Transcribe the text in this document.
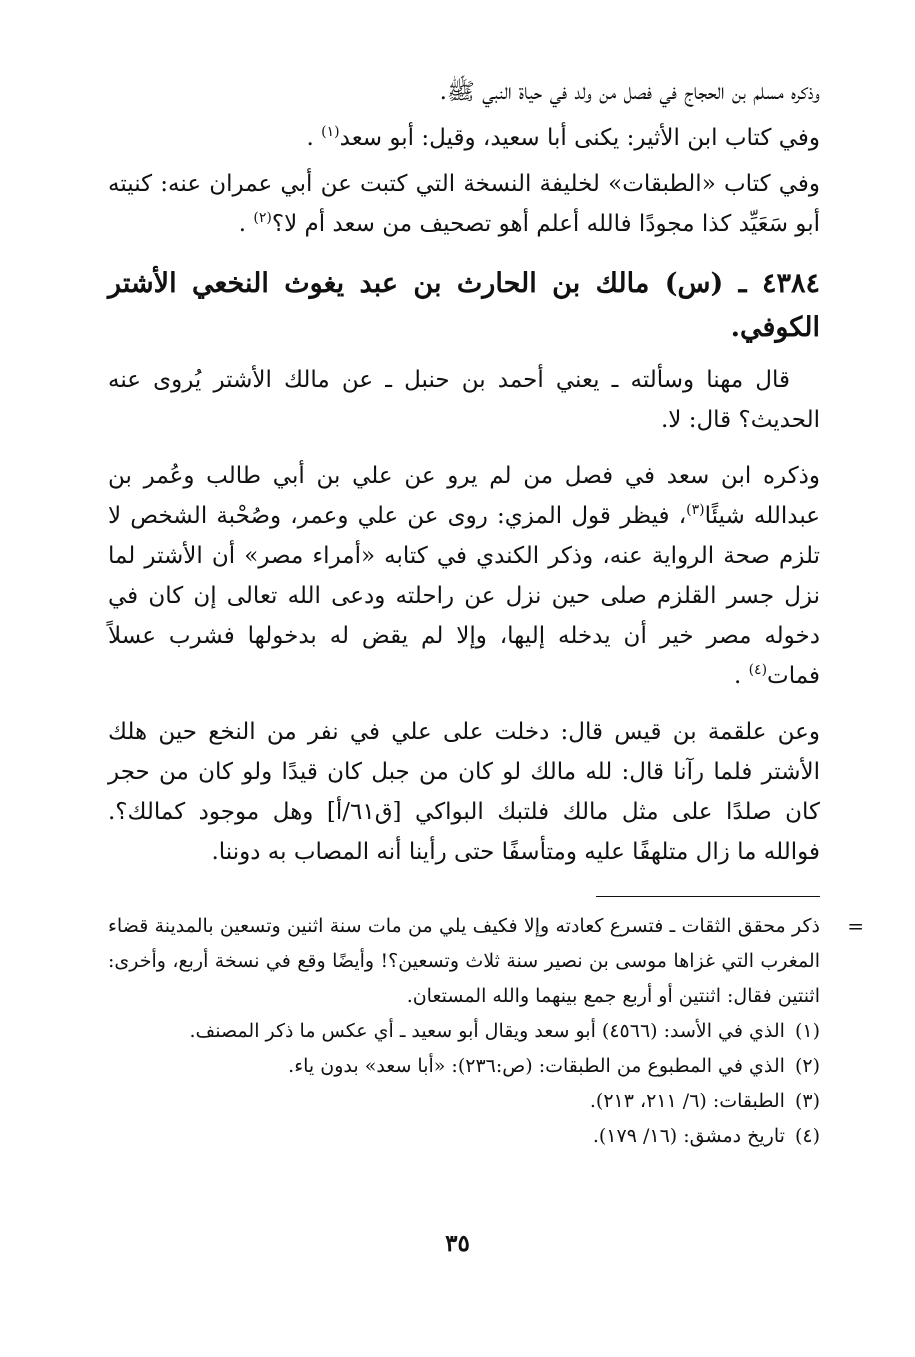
وذكره مسلم بن الحجاج في فصل من ولد في حياة النبي ﷺ.

وفي كتاب ابن الأثير: يكنى أبا سعيد، وقيل: أبو سعد$^{(١)}$ .

وفي كتاب «الطبقات» لخليفة النسخة التي كتبت عن أبي عمران عنه: كنيته أبو سَعَيِّد كذا مجودًا فالله أعلم أهو تصحيف من سعد أم لا؟$^{(٢)}$ .

٤٣٨٤ ـ (س) مالك بن الحارث بن عبد يغوث النخعي الأشتر الكوفي.

قال مهنا وسألته ـ يعني أحمد بن حنبل ـ عن مالك الأشتر يُروى عنه الحديث؟ قال: لا.

وذكره ابن سعد في فصل من لم يرو عن علي بن أبي طالب وعُمر بن عبدالله شيئًا$^{(٣)}$، فيظر قول المزي: روى عن علي وعمر، وصُحْبة الشخص لا تلزم صحة الرواية عنه، وذكر الكندي في كتابه «أمراء مصر» أن الأشتر لما نزل جسر القلزم صلى حين نزل عن راحلته ودعى الله تعالى إن كان في دخوله مصر خير أن يدخله إليها، وإلا لم يقض له بدخولها فشرب عسلاً فمات$^{(٤)}$ .

وعن علقمة بن قيس قال: دخلت على علي في نفر من النخع حين هلك الأشتر فلما رآنا قال: لله مالك لو كان من جبل كان قيدًا ولو كان من حجر كان صلدًا على مثل مالك فلتبك البواكي [ق٦١/أ] وهل موجود كمالك؟. فوالله ما زال متلهفًا عليه ومتأسفًا حتى رأينا أنه المصاب به دوننا.

=
ذكر محقق الثقات ـ فتسرع كعادته وإلا فكيف يلي من مات سنة اثنين وتسعين بالمدينة قضاء المغرب التي غزاها موسى بن نصير سنة ثلاث وتسعين؟! وأيضًا وقع في نسخة أربع، وأخرى: اثنتين فقال: اثنتين أو أربع جمع بينهما والله المستعان.

(١)الذي في الأسد: (٤٥٦٦) أبو سعد ويقال أبو سعيد ـ أي عكس ما ذكر المصنف.

(٢)الذي في المطبوع من الطبقات: (ص:٢٣٦): «أبا سعد» بدون ياء.

(٣)الطبقات: (٦/ ٢١١، ٢١٣).

(٤)تاريخ دمشق: (١٦/ ١٧٩).

٣٥
